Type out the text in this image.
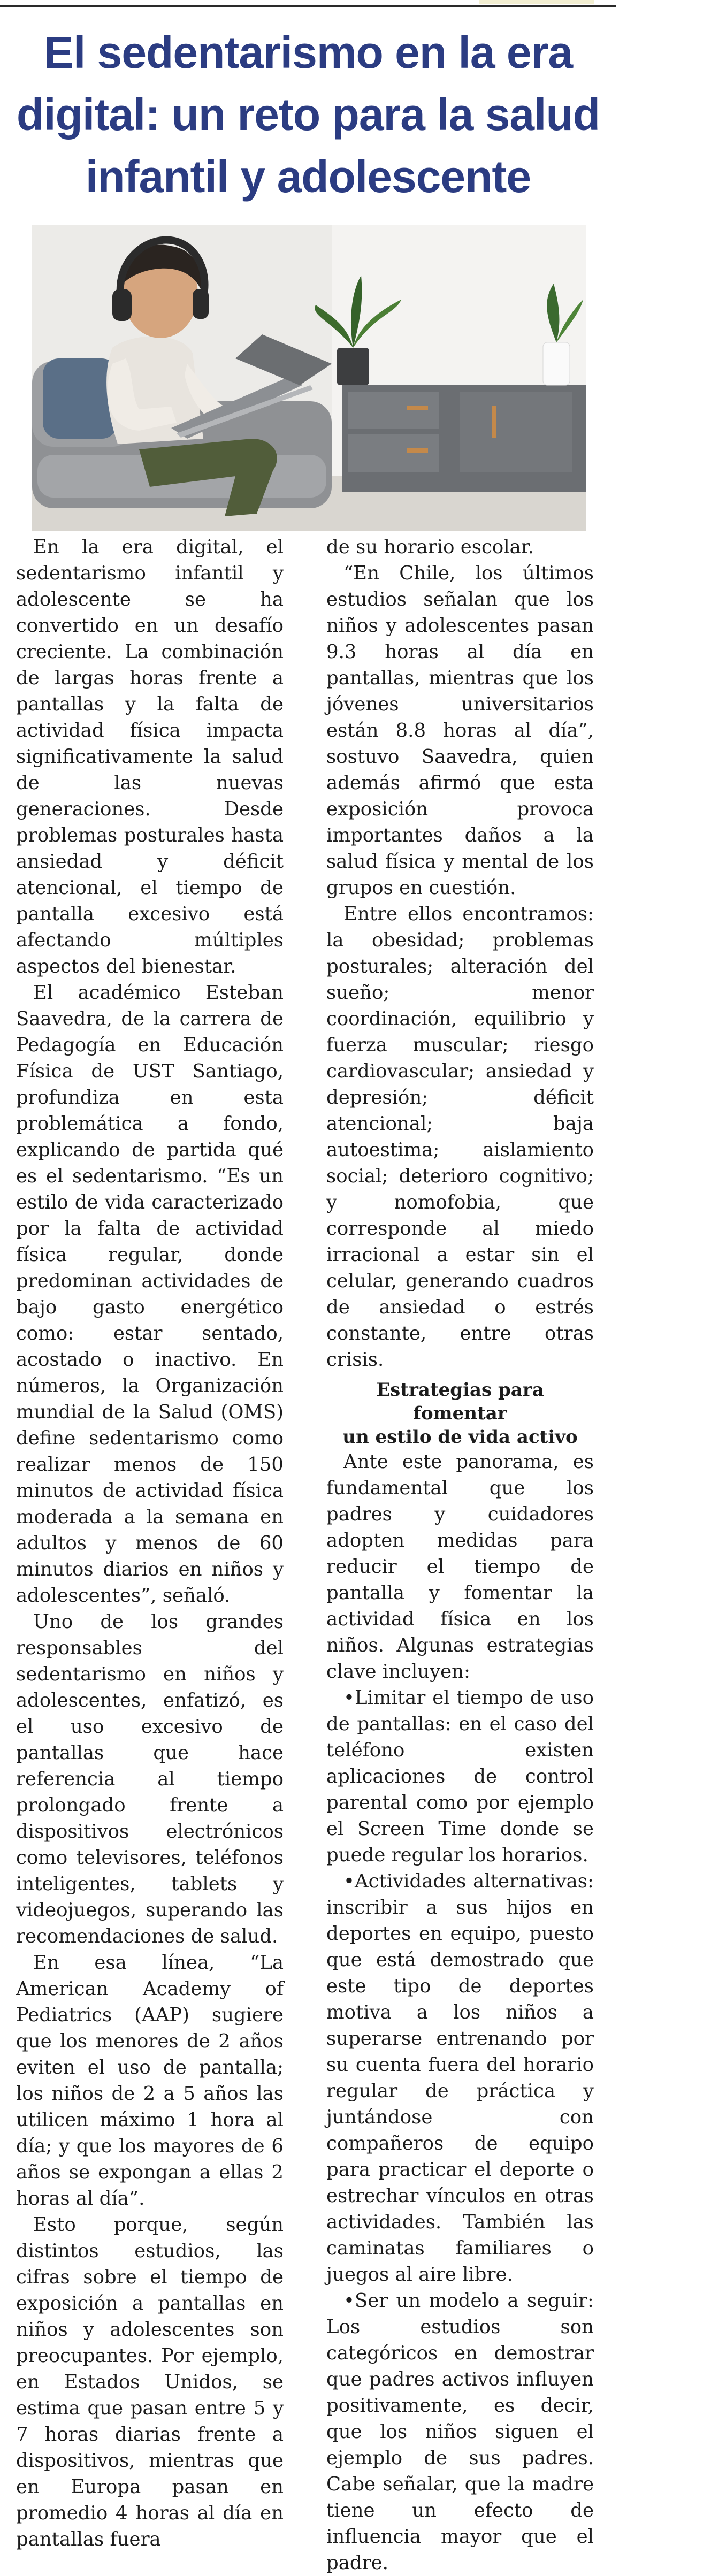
El sedentarismo en la era
digital: un reto para la salud
infantil y adolescente

En la era digital, el sedentarismo infantil y adolescente se ha convertido en un desafío creciente. La combinación de largas horas frente a pantallas y la falta de actividad física impacta significativamente la salud de las nuevas generaciones. Desde problemas posturales hasta ansiedad y déficit atencional, el tiempo de pantalla excesivo está afectando múltiples aspectos del bienestar.

El académico Esteban Saavedra, de la carrera de Pedagogía en Educación Física de UST Santiago, profundiza en esta problemática a fondo, explicando de partida qué es el sedentarismo. “Es un estilo de vida caracterizado por la falta de actividad física regular, donde predominan actividades de bajo gasto energético como: estar sentado, acostado o inactivo. En números, la Organización mundial de la Salud (OMS) define sedentarismo como realizar menos de 150 minutos de actividad física moderada a la semana en adultos y menos de 60 minutos diarios en niños y adolescentes”, señaló.

Uno de los grandes responsables del sedentarismo en niños y adolescentes, enfatizó, es el uso excesivo de pantallas que hace referencia al tiempo prolongado frente a dispositivos electrónicos como televisores, teléfonos inteligentes, tablets y videojuegos, superando las recomendaciones de salud.

En esa línea, “La American Academy of Pediatrics (AAP) sugiere que los menores de 2 años eviten el uso de pantalla; los niños de 2 a 5 años las utilicen máximo 1 hora al día; y que los mayores de 6 años se expongan a ellas 2 horas al día”.

Esto porque, según distintos estudios, las cifras sobre el tiempo de exposición a pantallas en niños y adolescentes son preocupantes. Por ejemplo, en Estados Unidos, se estima que pasan entre 5 y 7 horas diarias frente a dispositivos, mientras que en Europa pasan en promedio 4 horas al día en pantallas fuera

de su horario escolar.

“En Chile, los últimos estudios señalan que los niños y adolescentes pasan 9.3 horas al día en pantallas, mientras que los jóvenes universitarios están 8.8 horas al día”, sostuvo Saavedra, quien además afirmó que esta exposición provoca importantes daños a la salud física y mental de los grupos en cuestión.

Entre ellos encontramos: la obesidad; problemas posturales; alteración del sueño; menor coordinación, equilibrio y fuerza muscular; riesgo cardiovascular; ansiedad y depresión; déficit atencional; baja autoestima; aislamiento social; deterioro cognitivo; y nomofobia, que corresponde al miedo irracional a estar sin el celular, generando cuadros de ansiedad o estrés constante, entre otras crisis.

Estrategias para fomentar
un estilo de vida activo

Ante este panorama, es fundamental que los padres y cuidadores adopten medidas para reducir el tiempo de pantalla y fomentar la actividad física en los niños. Algunas estrategias clave incluyen:

•Limitar el tiempo de uso de pantallas: en el caso del teléfono existen aplicaciones de control parental como por ejemplo el Screen Time donde se puede regular los horarios.

•Actividades alternativas: inscribir a sus hijos en deportes en equipo, puesto que está demostrado que este tipo de deportes motiva a los niños a superarse entrenando por su cuenta fuera del horario regular de práctica y juntándose con compañeros de equipo para practicar el deporte o estrechar vínculos en otras actividades. También las caminatas familiares o juegos al aire libre.

•Ser un modelo a seguir: Los estudios son categóricos en demostrar que padres activos influyen positivamente, es decir, que los niños siguen el ejemplo de sus padres. Cabe señalar, que la madre tiene un efecto de influencia mayor que el padre.
